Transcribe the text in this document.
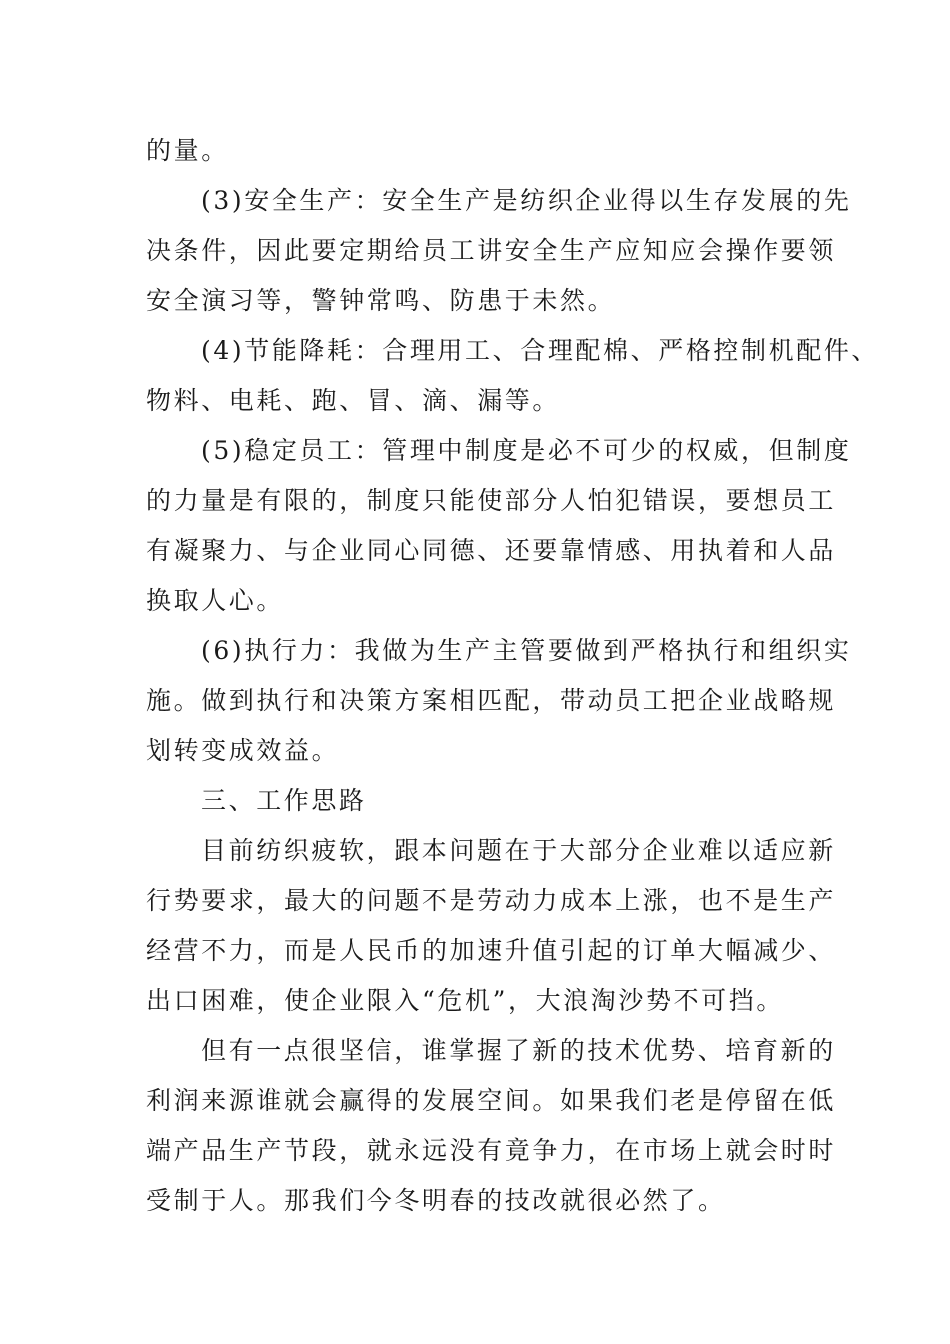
的量。
(3)安全生产：安全生产是纺织企业得以生存发展的先
决条件，因此要定期给员工讲安全生产应知应会操作要领
安全演习等，警钟常鸣、防患于未然。
(4)节能降耗：合理用工、合理配棉、严格控制机配件、
物料、电耗、跑、冒、滴、漏等。
(5)稳定员工：管理中制度是必不可少的权威，但制度
的力量是有限的，制度只能使部分人怕犯错误，要想员工
有凝聚力、与企业同心同德、还要靠情感、用执着和人品
换取人心。
(6)执行力：我做为生产主管要做到严格执行和组织实
施。做到执行和决策方案相匹配，带动员工把企业战略规
划转变成效益。
三、工作思路
目前纺织疲软，跟本问题在于大部分企业难以适应新
行势要求，最大的问题不是劳动力成本上涨，也不是生产
经营不力，而是人民币的加速升值引起的订单大幅减少、
出口困难，使企业限入“危机”，大浪淘沙势不可挡。
但有一点很坚信，谁掌握了新的技术优势、培育新的
利润来源谁就会赢得的发展空间。如果我们老是停留在低
端产品生产节段，就永远没有竟争力，在市场上就会时时
受制于人。那我们今冬明春的技改就很必然了。
